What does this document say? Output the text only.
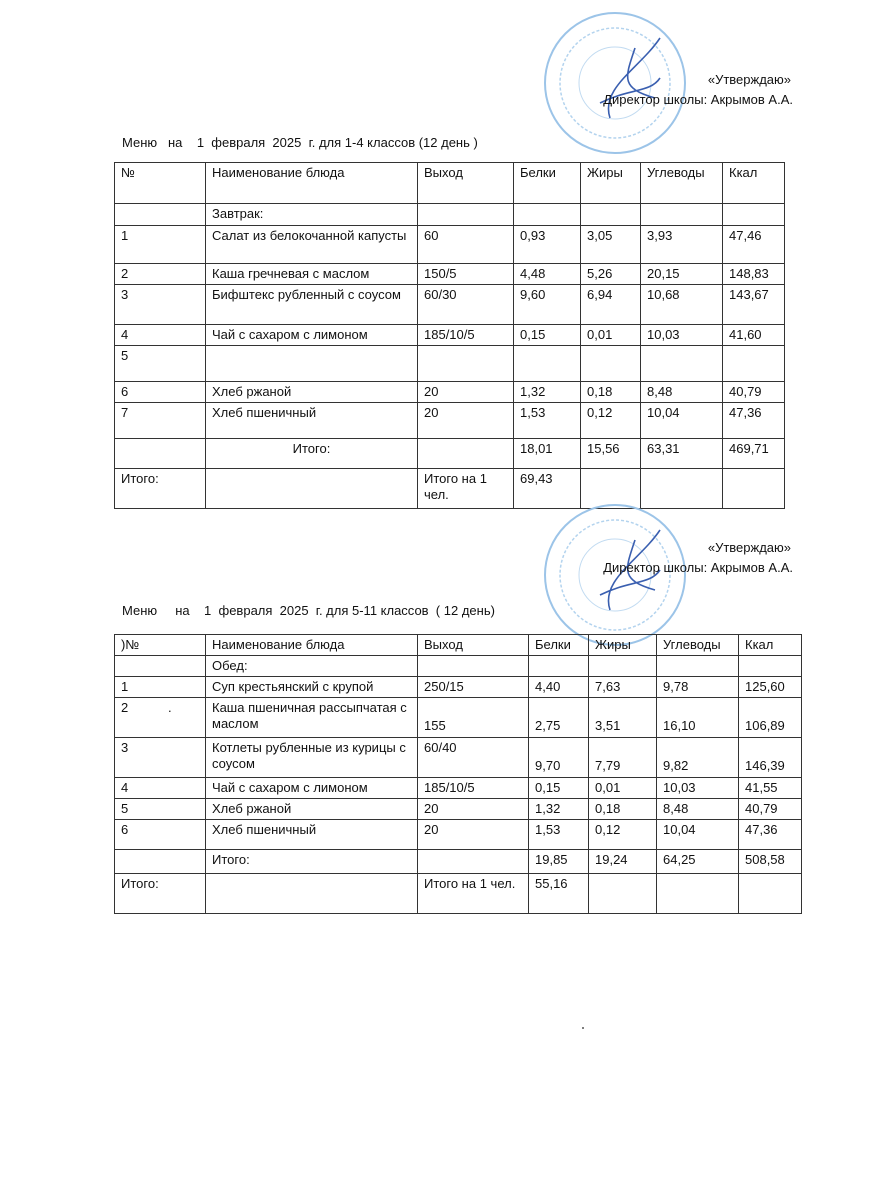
«Утверждаю»
Директор школы: Акрымов А.А.
Меню   на    1  февраля  2025  г. для 1-4 классов (12 день )
№	Наименование блюда	Выход	Белки	Жиры	Углеводы	Ккал
	Завтрак:					
1	Салат из белокочанной капусты	60	0,93	3,05	3,93	47,46
2	Каша гречневая с маслом	150/5	4,48	5,26	20,15	148,83
3	Бифштекс рубленный с соусом	60/30	9,60	6,94	10,68	143,67
4	Чай с сахаром с лимоном	185/10/5	0,15	0,01	10,03	41,60
5						
6	Хлеб ржаной	20	1,32	0,18	8,48	40,79
7	Хлеб пшеничный	20	1,53	0,12	10,04	47,36
	Итого:		18,01	15,56	63,31	469,71
Итого:		Итого на 1 чел.	69,43			
«Утверждаю»
Директор школы: Акрымов А.А.
Меню     на    1  февраля  2025  г. для 5-11 классов  ( 12 день)
)№	Наименование блюда	Выход	Белки	Жиры	Углеводы	Ккал
	Обед:					
1	Суп крестьянский с крупой	250/15	4,40	7,63	9,78	125,60
2           .	Каша пшеничная рассыпчатая с маслом	155	2,75	3,51	16,10	106,89
3	Котлеты рубленные из курицы с соусом	60/40	9,70	7,79	9,82	146,39
4	Чай с сахаром с лимоном	185/10/5	0,15	0,01	10,03	41,55
5	Хлеб ржаной	20	1,32	0,18	8,48	40,79
6	Хлеб пшеничный	20	1,53	0,12	10,04	47,36
	Итого:		19,85	19,24	64,25	508,58
Итого:		Итого на 1 чел.	55,16			
